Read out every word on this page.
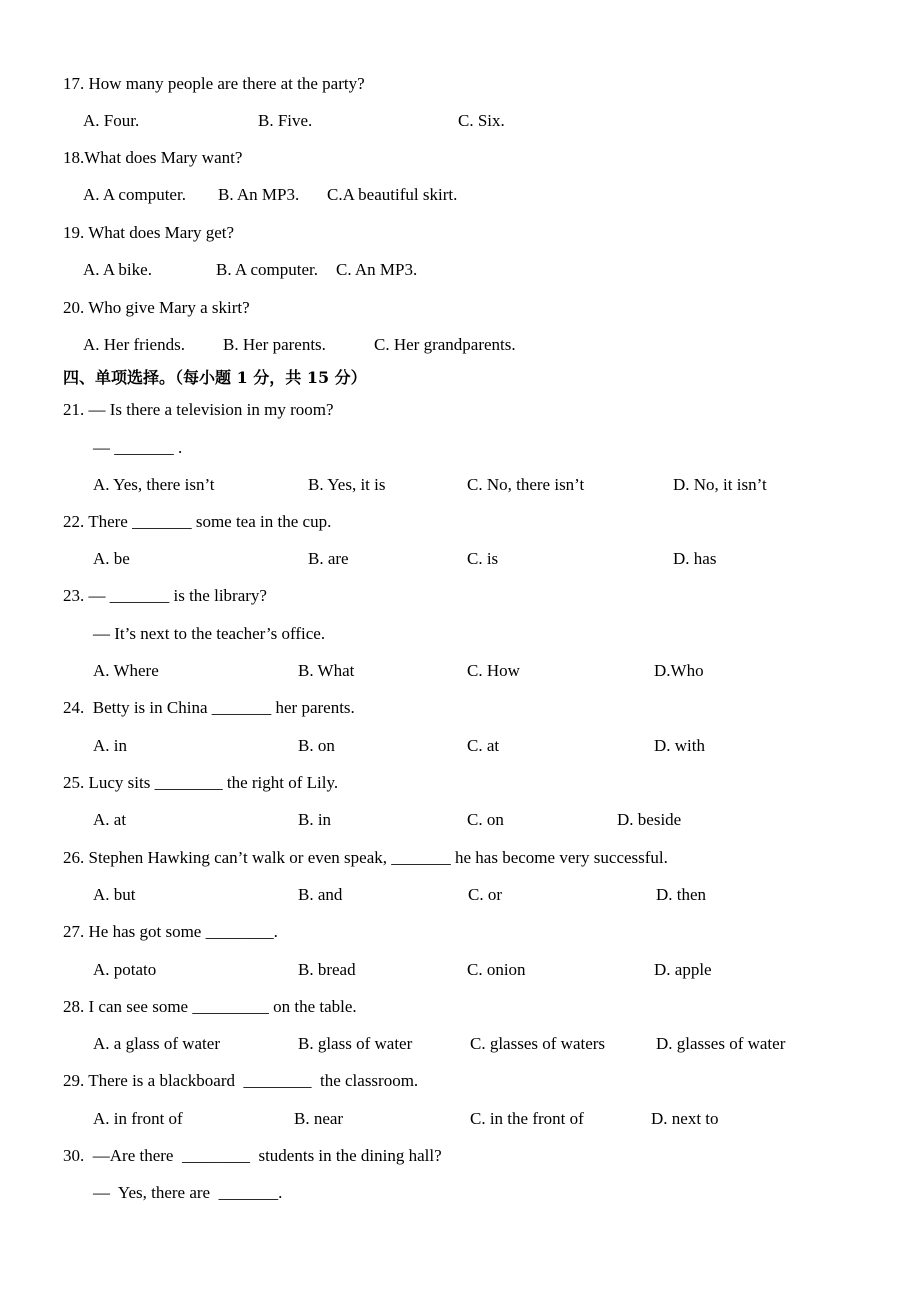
17. How many people are there at the party?
A. Four.	B. Five.	C. Six.
18.What does Mary want?
A. A computer. B. An MP3. C.A beautiful skirt.
19. What does Mary get?
A. A bike.	B. A computer. C. An MP3.
20. Who give Mary a skirt?
A. Her friends. B. Her parents.	C. Her grandparents.
四、单项选择。（每小题 1 分，共 15 分）
21. — Is there a television in my room?
— _______ .
A. Yes, there isn’t	B. Yes, it is	C. No, there isn’t	D. No, it isn’t
22. There _______ some tea in the cup.
A. be	B. are	C. is	D. has
23. — _______ is the library?
— It’s next to the teacher’s office.
A. Where	B. What	C. How	D.Who
24.  Betty is in China _______ her parents.
A. in	B. on	C. at	D. with
25. Lucy sits ________ the right of Lily.
A. at	B. in	C. on	D. beside
26. Stephen Hawking can’t walk or even speak, _______ he has become very successful.
A. but	B. and	C. or	D. then
27. He has got some ________.
A. potato	B. bread	C. onion	D. apple
28. I can see some _________ on the table.
A. a glass of water	B. glass of water	C. glasses of waters	D. glasses of water
29. There is a blackboard  ________  the classroom.
A. in front of	B. near	C. in the front of	D. next to
30.  —Are there  ________  students in the dining hall?
—  Yes, there are  _______.
